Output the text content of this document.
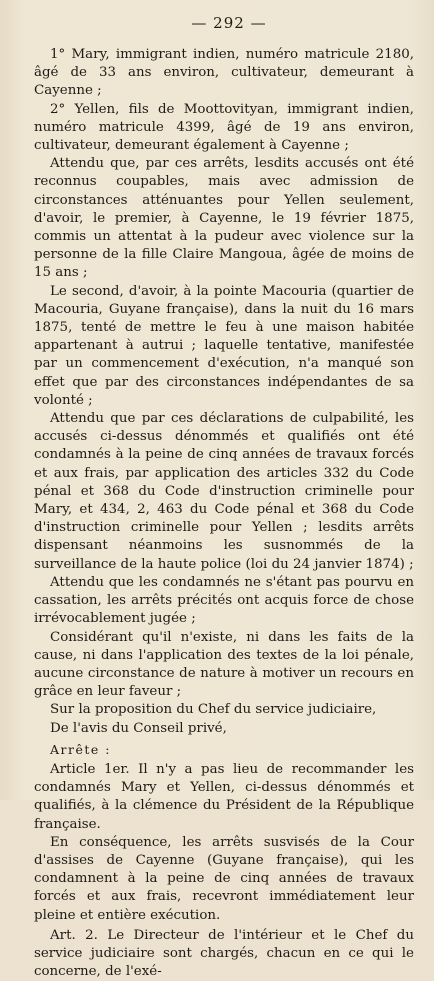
— 292 —

1° Mary, immigrant indien, numéro matricule 2180, âgé de 33 ans environ, cultivateur, demeurant à Cayenne ;

2° Yellen, fils de Moottovityan, immigrant indien, numéro matricule 4399, âgé de 19 ans environ, cultivateur, demeurant également à Cayenne ;

Attendu que, par ces arrêts, lesdits accusés ont été reconnus coupables, mais avec admission de circonstances atténuantes pour Yellen seulement, d'avoir, le premier, à Cayenne, le 19 février 1875, commis un attentat à la pudeur avec violence sur la personne de la fille Claire Mangoua, âgée de moins de 15 ans ;

Le second, d'avoir, à la pointe Macouria (quartier de Macouria, Guyane française), dans la nuit du 16 mars 1875, tenté de mettre le feu à une maison habitée appartenant à autrui ; laquelle tentative, manifestée par un commencement d'exécution, n'a manqué son effet que par des circonstances indépendantes de sa volonté ;

Attendu que par ces déclarations de culpabilité, les accusés ci-dessus dénommés et qualifiés ont été condamnés à la peine de cinq années de travaux forcés et aux frais, par application des articles 332 du Code pénal et 368 du Code d'instruction criminelle pour Mary, et 434, 2, 463 du Code pénal et 368 du Code d'instruction criminelle pour Yellen ; lesdits arrêts dispensant néanmoins les susnommés de la surveillance de la haute police (loi du 24 janvier 1874) ;

Attendu que les condamnés ne s'étant pas pourvu en cassation, les arrêts précités ont acquis force de chose irrévocablement jugée ;

Considérant qu'il n'existe, ni dans les faits de la cause, ni dans l'application des textes de la loi pénale, aucune circonstance de nature à motiver un recours en grâce en leur faveur ;

Sur la proposition du Chef du service judiciaire,

De l'avis du Conseil privé,

Arrête :

Article 1er. Il n'y a pas lieu de recommander les condamnés Mary et Yellen, ci-dessus dénommés et qualifiés, à la clémence du Président de la République française.

En conséquence, les arrêts susvisés de la Cour d'assises de Cayenne (Guyane française), qui les condamnent à la peine de cinq années de travaux forcés et aux frais, recevront immédiatement leur pleine et entière exécution.

Art. 2. Le Directeur de l'intérieur et le Chef du service judiciaire sont chargés, chacun en ce qui le concerne, de l'exé-
